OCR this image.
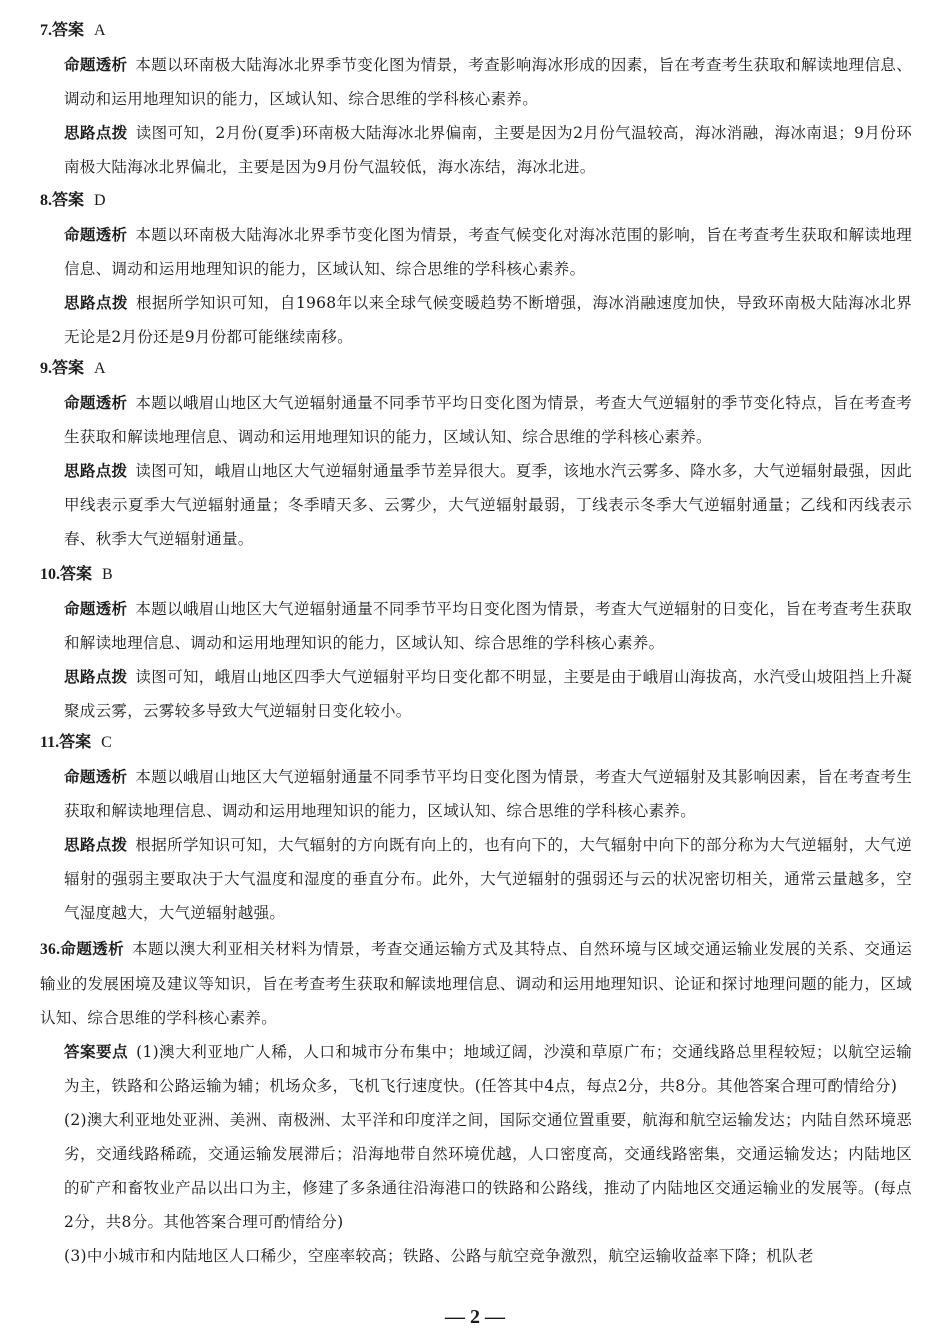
7.答案 A
命题透析 本题以环南极大陆海冰北界季节变化图为情景，考查影响海冰形成的因素，旨在考查考生获取和解读地理信息、调动和运用地理知识的能力，区域认知、综合思维的学科核心素养。
思路点拨 读图可知，2月份(夏季)环南极大陆海冰北界偏南，主要是因为2月份气温较高，海冰消融，海冰南退；9月份环南极大陆海冰北界偏北，主要是因为9月份气温较低，海水冻结，海冰北进。
8.答案 D
命题透析 本题以环南极大陆海冰北界季节变化图为情景，考查气候变化对海冰范围的影响，旨在考查考生获取和解读地理信息、调动和运用地理知识的能力，区域认知、综合思维的学科核心素养。
思路点拨 根据所学知识可知，自1968年以来全球气候变暖趋势不断增强，海冰消融速度加快，导致环南极大陆海冰北界无论是2月份还是9月份都可能继续南移。
9.答案 A
命题透析 本题以峨眉山地区大气逆辐射通量不同季节平均日变化图为情景，考查大气逆辐射的季节变化特点，旨在考查考生获取和解读地理信息、调动和运用地理知识的能力，区域认知、综合思维的学科核心素养。
思路点拨 读图可知，峨眉山地区大气逆辐射通量季节差异很大。夏季，该地水汽云雾多、降水多，大气逆辐射最强，因此甲线表示夏季大气逆辐射通量；冬季晴天多、云雾少，大气逆辐射最弱，丁线表示冬季大气逆辐射通量；乙线和丙线表示春、秋季大气逆辐射通量。
10.答案 B
命题透析 本题以峨眉山地区大气逆辐射通量不同季节平均日变化图为情景，考查大气逆辐射的日变化，旨在考查考生获取和解读地理信息、调动和运用地理知识的能力，区域认知、综合思维的学科核心素养。
思路点拨 读图可知，峨眉山地区四季大气逆辐射平均日变化都不明显，主要是由于峨眉山海拔高，水汽受山坡阻挡上升凝聚成云雾，云雾较多导致大气逆辐射日变化较小。
11.答案 C
命题透析 本题以峨眉山地区大气逆辐射通量不同季节平均日变化图为情景，考查大气逆辐射及其影响因素，旨在考查考生获取和解读地理信息、调动和运用地理知识的能力，区域认知、综合思维的学科核心素养。
思路点拨 根据所学知识可知，大气辐射的方向既有向上的，也有向下的，大气辐射中向下的部分称为大气逆辐射，大气逆辐射的强弱主要取决于大气温度和湿度的垂直分布。此外，大气逆辐射的强弱还与云的状况密切相关，通常云量越多，空气湿度越大，大气逆辐射越强。
36.命题透析 本题以澳大利亚相关材料为情景，考查交通运输方式及其特点、自然环境与区域交通运输业发展的关系、交通运输业的发展困境及建议等知识，旨在考查考生获取和解读地理信息、调动和运用地理知识、论证和探讨地理问题的能力，区域认知、综合思维的学科核心素养。
答案要点 (1)澳大利亚地广人稀，人口和城市分布集中；地域辽阔，沙漠和草原广布；交通线路总里程较短；以航空运输为主，铁路和公路运输为辅；机场众多，飞机飞行速度快。(任答其中4点，每点2分，共8分。其他答案合理可酌情给分)
(2)澳大利亚地处亚洲、美洲、南极洲、太平洋和印度洋之间，国际交通位置重要，航海和航空运输发达；内陆自然环境恶劣，交通线路稀疏，交通运输发展滞后；沿海地带自然环境优越，人口密度高，交通线路密集，交通运输发达；内陆地区的矿产和畜牧业产品以出口为主，修建了多条通往沿海港口的铁路和公路线，推动了内陆地区交通运输业的发展等。(每点2分，共8分。其他答案合理可酌情给分)
(3)中小城市和内陆地区人口稀少，空座率较高；铁路、公路与航空竞争激烈，航空运输收益率下降；机队老
— 2 —
